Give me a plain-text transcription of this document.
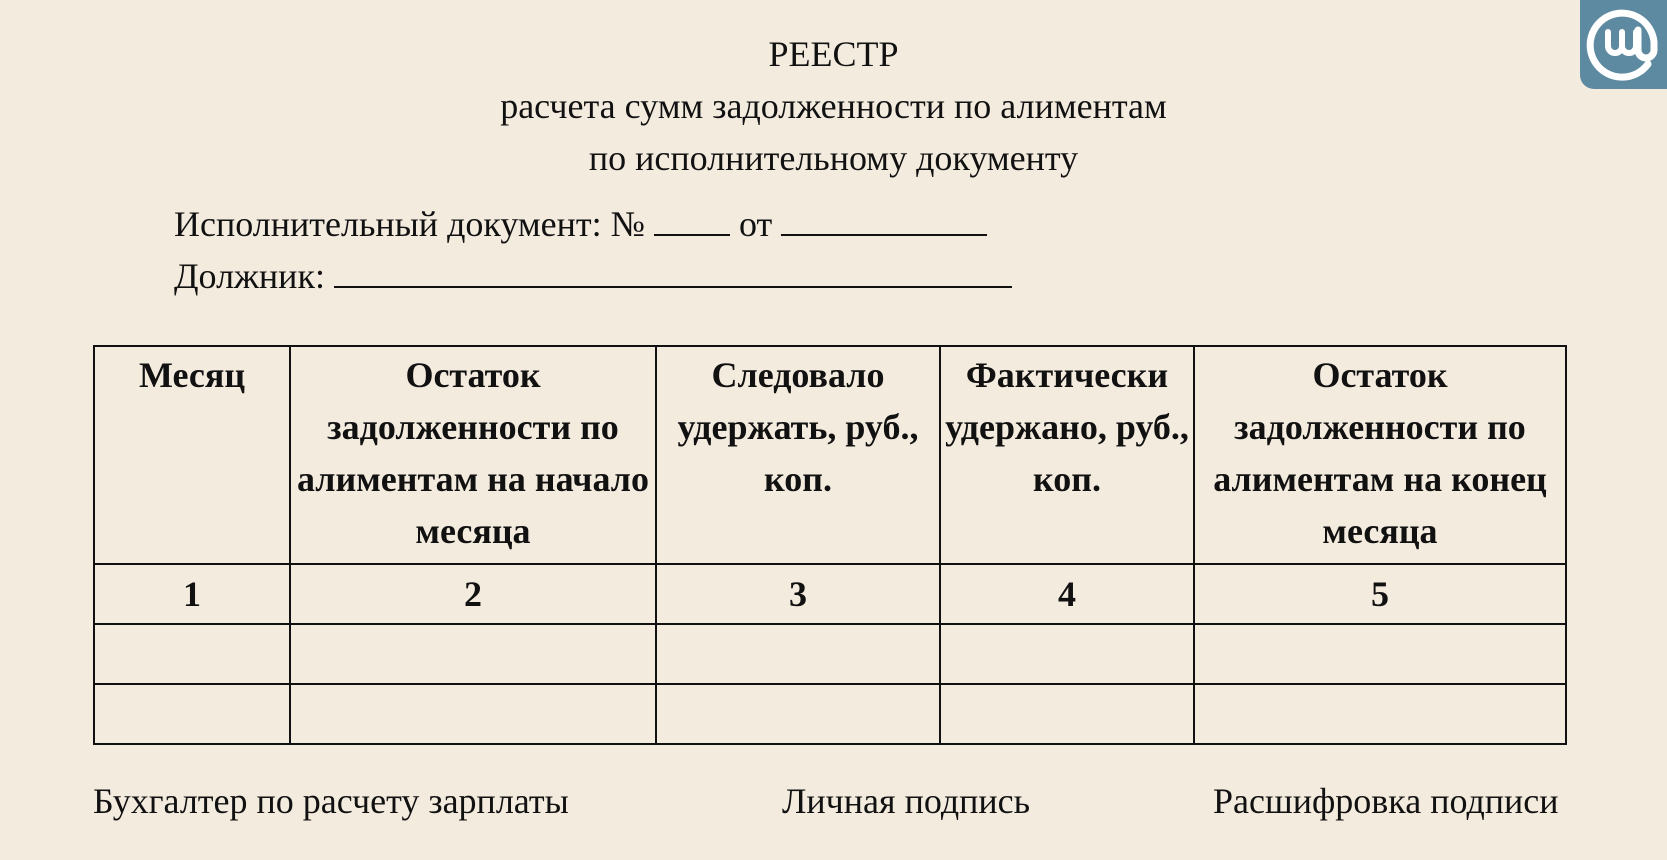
РЕЕСТР
расчета сумм задолженности по алиментам
по исполнительному документу
Исполнительный документ: №	от
Должник:
Месяц	Остаток задолженности по алиментам на начало месяца	Следовало удержать, руб., коп.	Фактически удержано, руб., коп.	Остаток задолженности по алиментам на конец месяца
1	2	3	4	5

Бухгалтер по расчету зарплаты	Личная подпись	Расшифровка подписи
